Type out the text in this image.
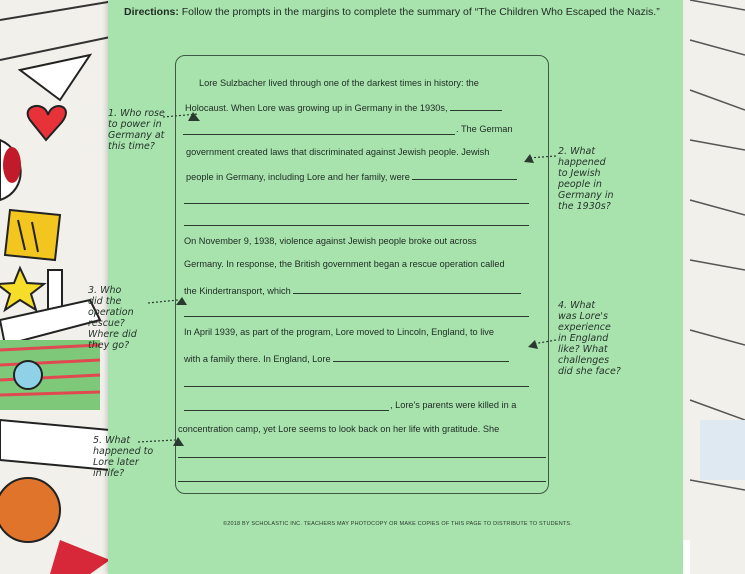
Directions: Follow the prompts in the margins to complete the summary of “The Children Who Escaped the Nazis.”
Lore Sulzbacher lived through one of the darkest times in history: the
Holocaust. When Lore was growing up in Germany in the 1930s,
. The German
government created laws that discriminated against Jewish people. Jewish
people in Germany, including Lore and her family, were
On November 9, 1938, violence against Jewish people broke out across
Germany. In response, the British government began a rescue operation called
the Kindertransport, which
In April 1939, as part of the program, Lore moved to Lincoln, England, to live
with a family there. In England, Lore
, Lore's parents were killed in a
concentration camp, yet Lore seems to look back on her life with gratitude. She
©2018 BY SCHOLASTIC INC. TEACHERS MAY PHOTOCOPY OR MAKE COPIES OF THIS PAGE TO DISTRIBUTE TO STUDENTS.
1. Who rose
to power in
Germany at
this time?	2. What
happened
to Jewish
people in
Germany in
the 1930s?
3. Who
did the
operation
rescue?
Where did
they go?
4. What
was Lore's
experience
in England
like? What
challenges
did she face?
5. What
happened to
Lore later
in life?
